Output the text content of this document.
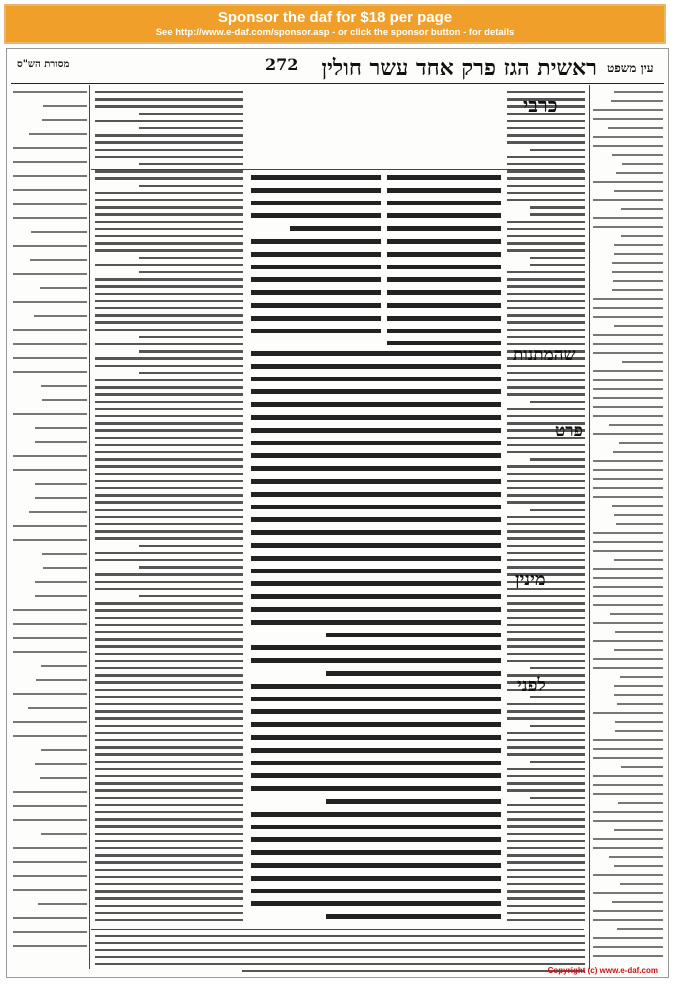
Sponsor the daf for $18 per page
See http://www.e-daf.com/sponsor.asp - or click the sponsor button - for details
מסורת הש"ס	272	ראשית הגז פרק אחד עשר חולין עין משפט
כרבי
שהמתנות
פרט
מינין
לפני
Copyright (c) www.e-daf.com
